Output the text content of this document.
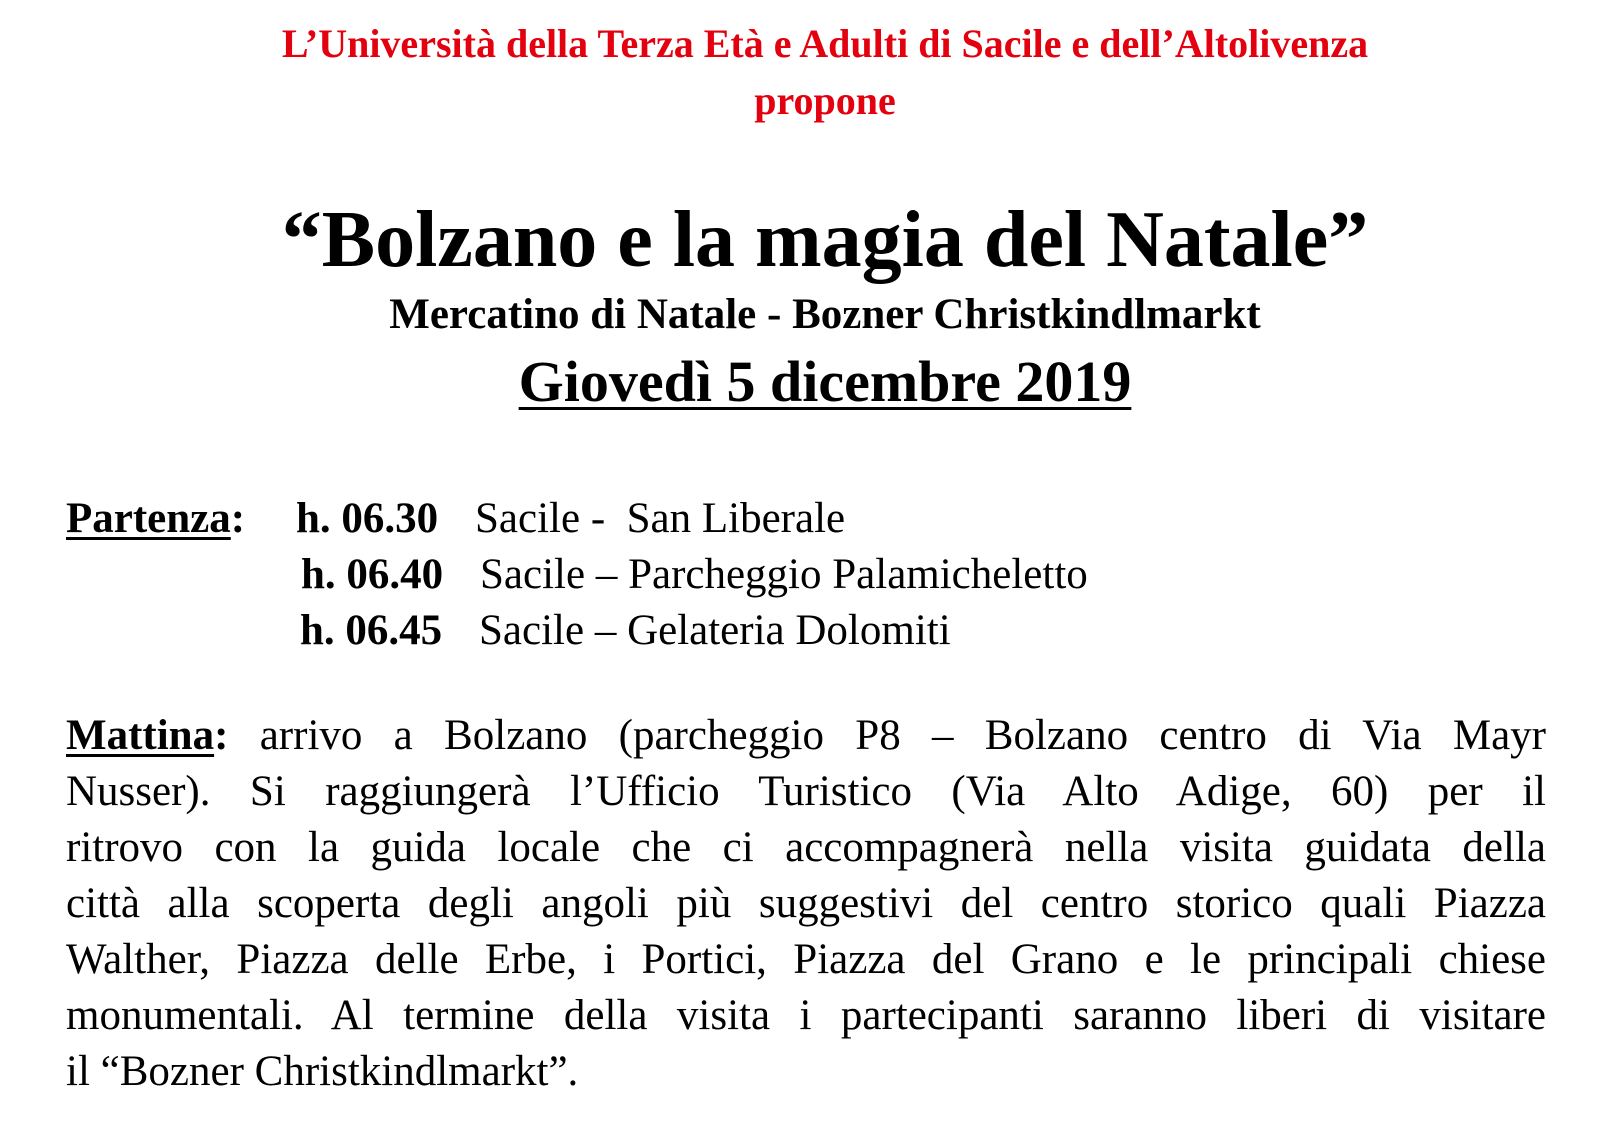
L’Università della Terza Età e Adulti di Sacile e dell’Altolivenza
propone
“Bolzano e la magia del Natale”
Mercatino di Natale - Bozner Christkindlmarkt
Giovedì 5 dicembre 2019
Partenza: h. 06.30 Sacile -  San Liberale
h. 06.40 Sacile – Parcheggio Palamicheletto
h. 06.45 Sacile – Gelateria Dolomiti
Mattina: arrivo a Bolzano (parcheggio P8 – Bolzano centro di Via Mayr
Nusser). Si raggiungerà l’Ufficio Turistico (Via Alto Adige, 60) per il
ritrovo con la guida locale che ci accompagnerà nella visita guidata della
città alla scoperta degli angoli più suggestivi del centro storico quali Piazza
Walther, Piazza delle Erbe, i Portici, Piazza del Grano e le principali chiese
monumentali. Al termine della visita i partecipanti saranno liberi di visitare
il “Bozner Christkindlmarkt”.
